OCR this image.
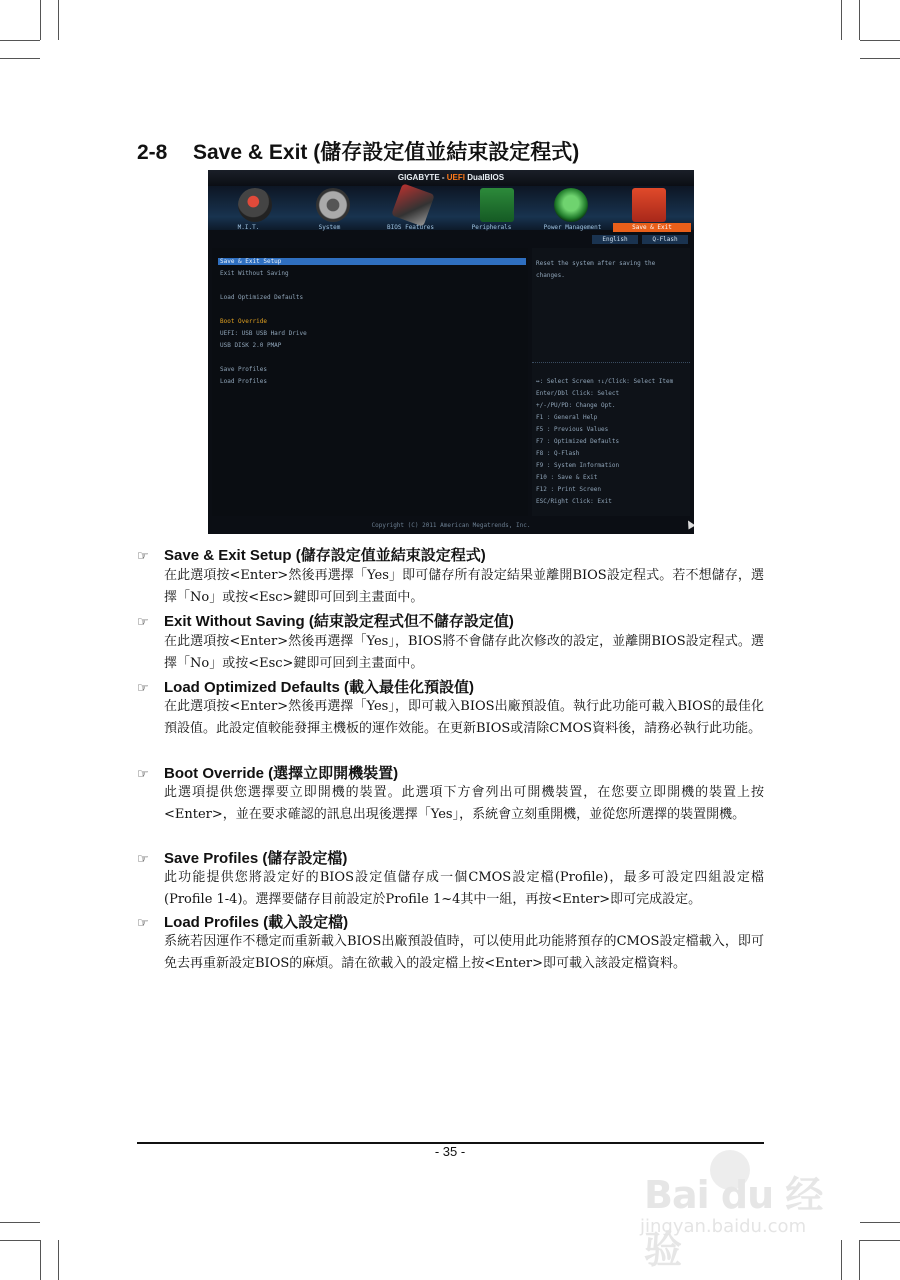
2-8 Save & Exit (儲存設定值並結束設定程式)
GIGABYTE - UEFI DualBIOS
M.I.T.	System	BIOS Features	Peripherals	Power Management	Save & Exit
English	Q-Flash
Save & Exit Setup
Exit Without Saving
Load Optimized Defaults
Boot Override
UEFI: USB USB Hard Drive
USB DISK 2.0 PMAP
Save Profiles
Load Profiles
Reset the system after saving the changes.
↔: Select Screen ↑↓/Click: Select Item
Enter/Dbl Click: Select
+/-/PU/PD: Change Opt.
F1 : General Help
F5 : Previous Values
F7 : Optimized Defaults
F8 : Q-Flash
F9 : System Information
F10 : Save & Exit
F12 : Print Screen
ESC/Right Click: Exit
Copyright (C) 2011 American Megatrends, Inc.
☞ Save & Exit Setup (儲存設定值並結束設定程式)
在此選項按<Enter>然後再選擇「Yes」即可儲存所有設定結果並離開BIOS設定程式。若不想儲存，選擇「No」或按<Esc>鍵即可回到主畫面中。
☞ Exit Without Saving (結束設定程式但不儲存設定值)
在此選項按<Enter>然後再選擇「Yes」，BIOS將不會儲存此次修改的設定，並離開BIOS設定程式。選擇「No」或按<Esc>鍵即可回到主畫面中。
☞ Load Optimized Defaults (載入最佳化預設值)
在此選項按<Enter>然後再選擇「Yes」，即可載入BIOS出廠預設值。執行此功能可載入BIOS的最佳化預設值。此設定值較能發揮主機板的運作效能。在更新BIOS或清除CMOS資料後，請務必執行此功能。
☞ Boot Override (選擇立即開機裝置)
此選項提供您選擇要立即開機的裝置。此選項下方會列出可開機裝置，在您要立即開機的裝置上按<Enter>，並在要求確認的訊息出現後選擇「Yes」，系統會立刻重開機，並從您所選擇的裝置開機。
☞ Save Profiles (儲存設定檔)
此功能提供您將設定好的BIOS設定值儲存成一個CMOS設定檔(Profile)，最多可設定四組設定檔(Profile 1-4)。選擇要儲存目前設定於Profile 1~4其中一組，再按<Enter>即可完成設定。
☞ Load Profiles (載入設定檔)
系統若因運作不穩定而重新載入BIOS出廠預設值時，可以使用此功能將預存的CMOS設定檔載入，即可免去再重新設定BIOS的麻煩。請在欲載入的設定檔上按<Enter>即可載入該設定檔資料。
- 35 -
Bai du 经验
jingyan.baidu.com
